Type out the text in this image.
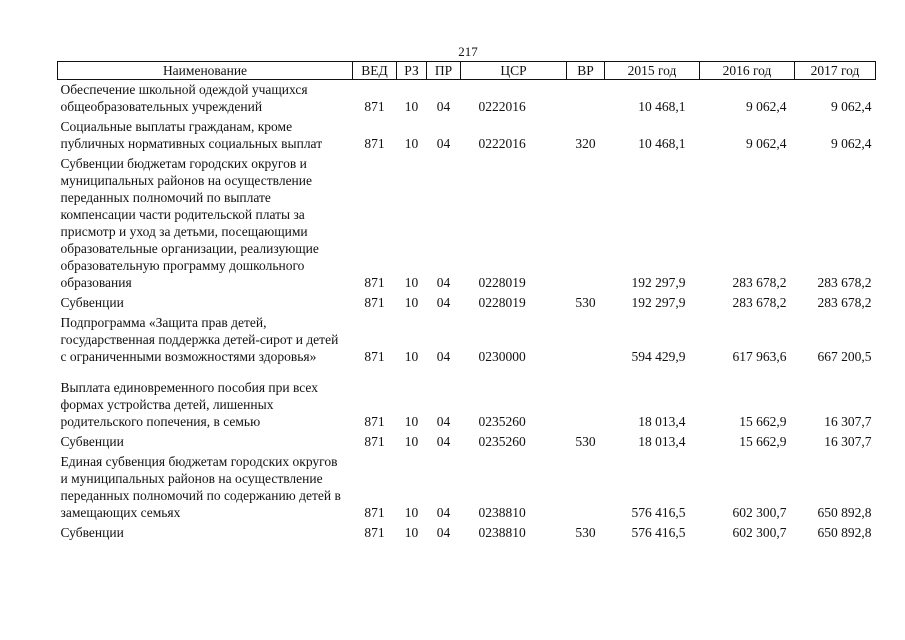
217
Наименование	ВЕД	РЗ	ПР	ЦСР	ВР	2015 год	2016 год	2017 год
Обеспечение школьной одеждой учащихся общеобразовательных учреждений	871	10	04	0222016		10 468,1	9 062,4	9 062,4
Социальные выплаты гражданам, кроме публичных нормативных социальных выплат	871	10	04	0222016	320	10 468,1	9 062,4	9 062,4
Субвенции бюджетам городских округов и муниципальных районов на осуществление переданных полномочий по выплате компенсации части родительской платы за присмотр и уход за детьми, посещающими образовательные организации, реализующие образовательную программу дошкольного образования	871	10	04	0228019		192 297,9	283 678,2	283 678,2
Субвенции	871	10	04	0228019	530	192 297,9	283 678,2	283 678,2
Подпрограмма «Защита прав детей, государственная поддержка детей-сирот и детей с ограниченными возможностями здоровья»	871	10	04	0230000		594 429,9	617 963,6	667 200,5
Выплата единовременного пособия при всех формах устройства детей, лишенных родительского попечения, в семью	871	10	04	0235260		18 013,4	15 662,9	16 307,7
Субвенции	871	10	04	0235260	530	18 013,4	15 662,9	16 307,7
Единая субвенция бюджетам городских округов и муниципальных районов на осуществление переданных полномочий по содержанию детей в замещающих семьях	871	10	04	0238810		576 416,5	602 300,7	650 892,8
Субвенции	871	10	04	0238810	530	576 416,5	602 300,7	650 892,8
